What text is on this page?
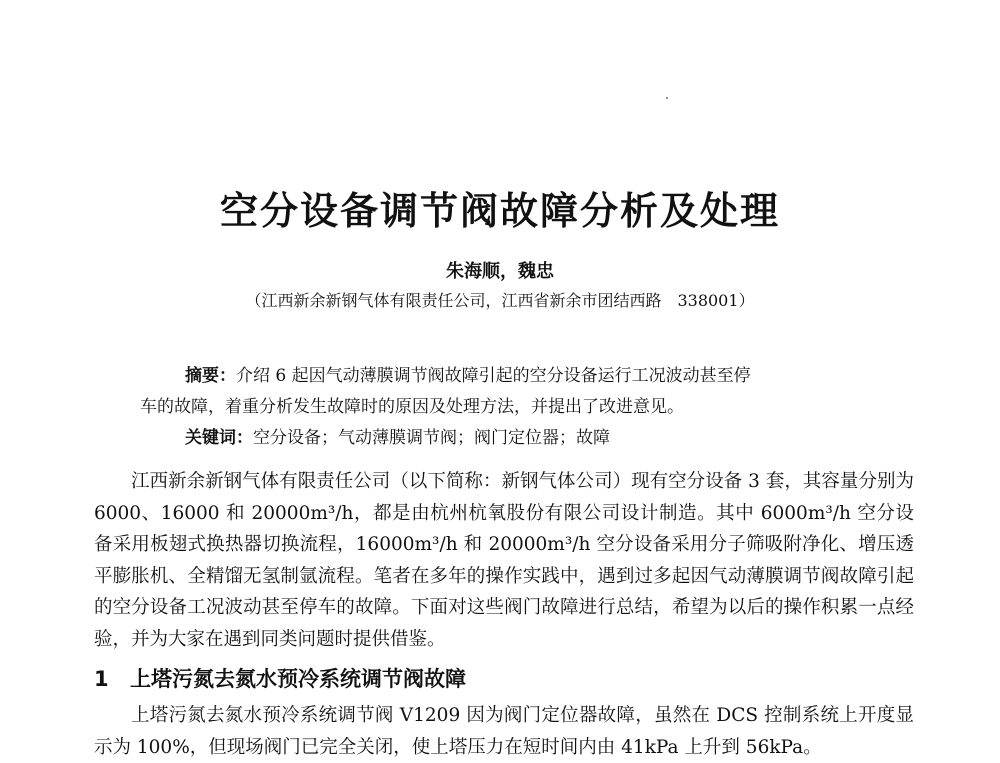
空分设备调节阀故障分析及处理
朱海顺，魏忠
（江西新余新钢气体有限责任公司，江西省新余市团结西路　338001）
摘要：介绍 6 起因气动薄膜调节阀故障引起的空分设备运行工况波动甚至停
车的故障，着重分析发生故障时的原因及处理方法，并提出了改进意见。
关键词：空分设备；气动薄膜调节阀；阀门定位器；故障

江西新余新钢气体有限责任公司（以下简称：新钢气体公司）现有空分设备 3 套，其容量分别为 6000、16000 和 20000m³/h，都是由杭州杭氧股份有限公司设计制造。其中 6000m³/h 空分设备采用板翅式换热器切换流程，16000m³/h 和 20000m³/h 空分设备采用分子筛吸附净化、增压透平膨胀机、全精馏无氢制氩流程。笔者在多年的操作实践中，遇到过多起因气动薄膜调节阀故障引起的空分设备工况波动甚至停车的故障。下面对这些阀门故障进行总结，希望为以后的操作积累一点经验，并为大家在遇到同类问题时提供借鉴。

1 上塔污氮去氮水预冷系统调节阀故障

上塔污氮去氮水预冷系统调节阀 V1209 因为阀门定位器故障，虽然在 DCS 控制系统上开度显示为 100%，但现场阀门已完全关闭，使上塔压力在短时间内由 41kPa 上升到 56kPa。
